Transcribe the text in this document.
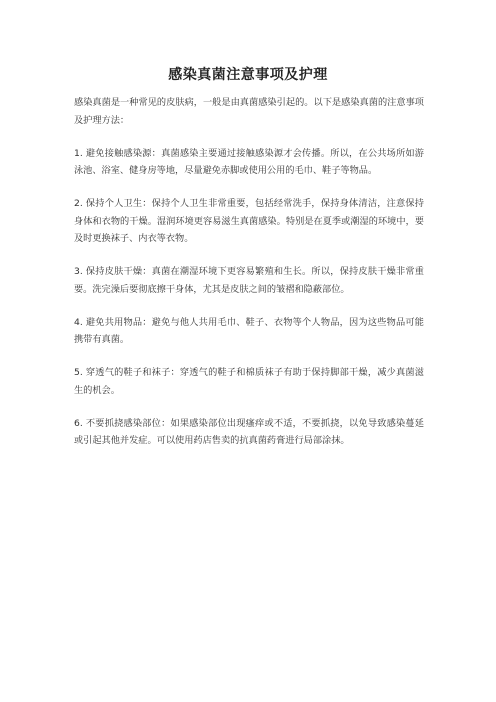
感染真菌注意事项及护理

感染真菌是一种常见的皮肤病，一般是由真菌感染引起的。以下是感染真菌的注意事项及护理方法：

1. 避免接触感染源：真菌感染主要通过接触感染源才会传播。所以，在公共场所如游泳池、浴室、健身房等地，尽量避免赤脚或使用公用的毛巾、鞋子等物品。

2. 保持个人卫生：保持个人卫生非常重要，包括经常洗手，保持身体清洁，注意保持身体和衣物的干燥。湿润环境更容易滋生真菌感染。特别是在夏季或潮湿的环境中，要及时更换袜子、内衣等衣物。

3. 保持皮肤干燥：真菌在潮湿环境下更容易繁殖和生长。所以，保持皮肤干燥非常重要。洗完澡后要彻底擦干身体，尤其是皮肤之间的皱褶和隐蔽部位。

4. 避免共用物品：避免与他人共用毛巾、鞋子、衣物等个人物品，因为这些物品可能携带有真菌。

5. 穿透气的鞋子和袜子：穿透气的鞋子和棉质袜子有助于保持脚部干燥，减少真菌滋生的机会。

6. 不要抓挠感染部位：如果感染部位出现瘙痒或不适，不要抓挠，以免导致感染蔓延或引起其他并发症。可以使用药店售卖的抗真菌药膏进行局部涂抹。
